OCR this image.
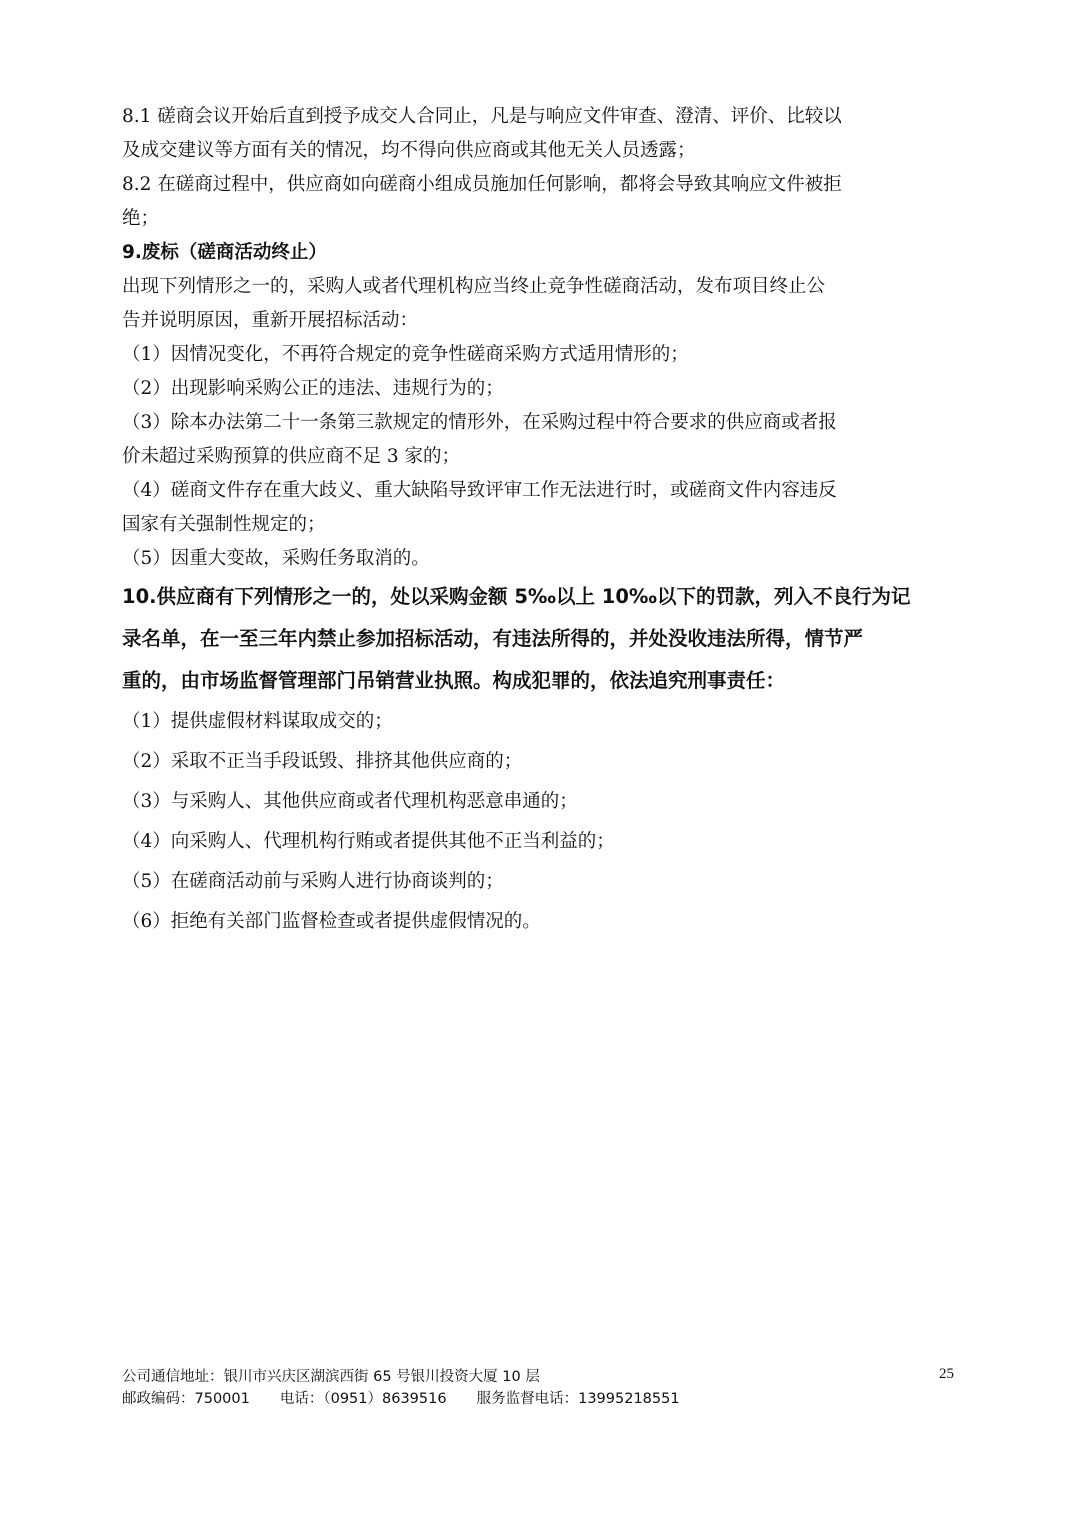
8.1 磋商会议开始后直到授予成交人合同止，凡是与响应文件审查、澄清、评价、比较以
及成交建议等方面有关的情况，均不得向供应商或其他无关人员透露；
8.2 在磋商过程中，供应商如向磋商小组成员施加任何影响，都将会导致其响应文件被拒
绝；
9.废标（磋商活动终止）
出现下列情形之一的，采购人或者代理机构应当终止竞争性磋商活动，发布项目终止公
告并说明原因，重新开展招标活动：
（1）因情况变化，不再符合规定的竞争性磋商采购方式适用情形的；
（2）出现影响采购公正的违法、违规行为的；
（3）除本办法第二十一条第三款规定的情形外，在采购过程中符合要求的供应商或者报
价未超过采购预算的供应商不足 3 家的；
（4）磋商文件存在重大歧义、重大缺陷导致评审工作无法进行时，或磋商文件内容违反
国家有关强制性规定的；
（5）因重大变故，采购任务取消的。
10.供应商有下列情形之一的，处以采购金额 5‰以上 10‰以下的罚款，列入不良行为记
录名单，在一至三年内禁止参加招标活动，有违法所得的，并处没收违法所得，情节严
重的，由市场监督管理部门吊销营业执照。构成犯罪的，依法追究刑事责任：
（1）提供虚假材料谋取成交的；
（2）采取不正当手段诋毁、排挤其他供应商的；
（3）与采购人、其他供应商或者代理机构恶意串通的；
（4）向采购人、代理机构行贿或者提供其他不正当利益的；
（5）在磋商活动前与采购人进行协商谈判的；
（6）拒绝有关部门监督检查或者提供虚假情况的。
公司通信地址：银川市兴庆区湖滨西街 65 号银川投资大厦 10 层
邮政编码：750001 电话：（0951）8639516 服务监督电话：13995218551
25
